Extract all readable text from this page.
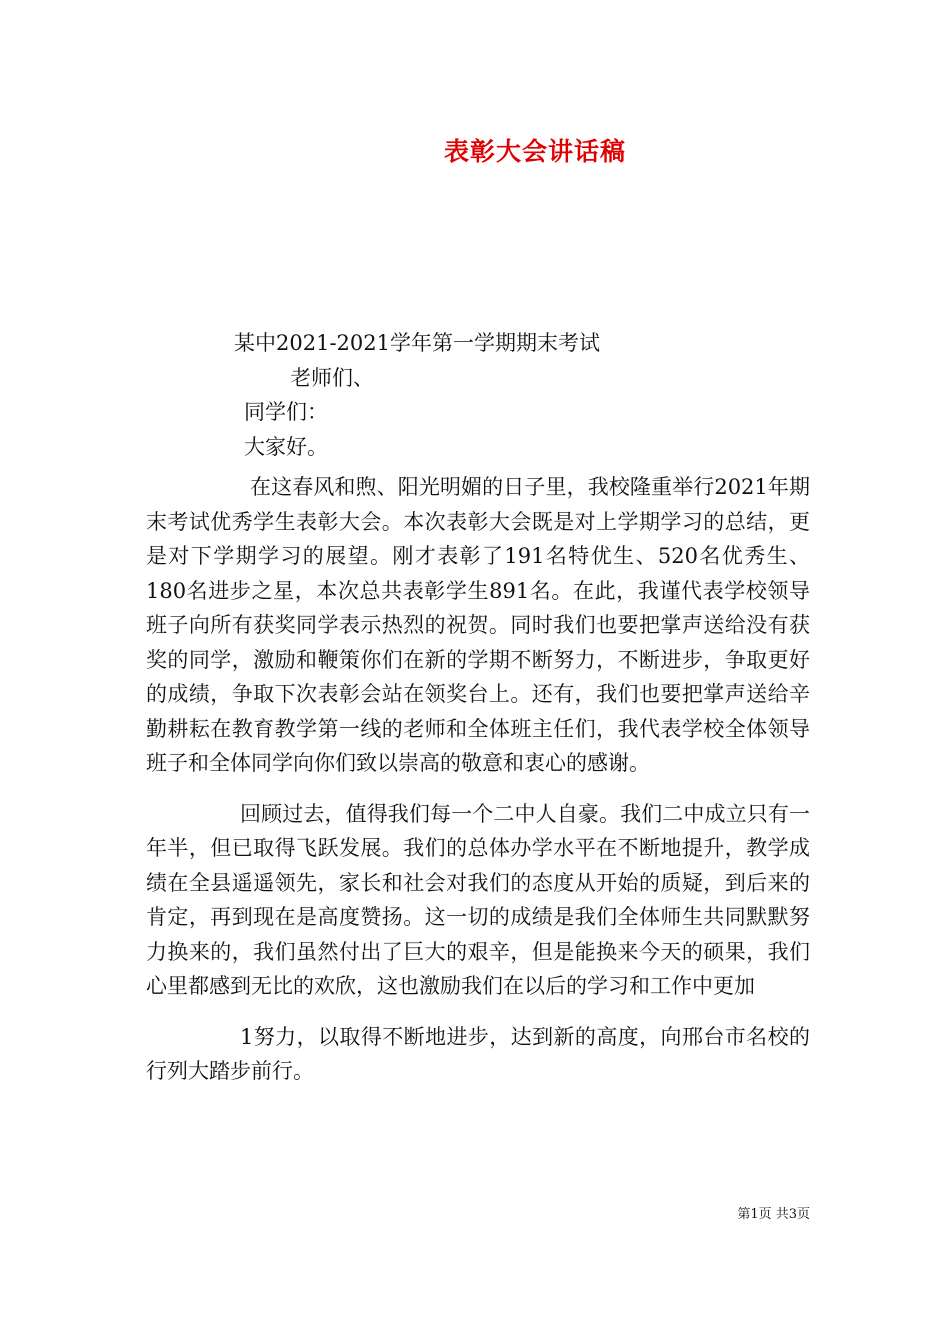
表彰大会讲话稿
某中2021-2021学年第一学期期末考试
老师们、
同学们：
大家好。

在这春风和煦、阳光明媚的日子里，我校隆重举行2021年期末考试优秀学生表彰大会。本次表彰大会既是对上学期学习的总结，更是对下学期学习的展望。刚才表彰了191名特优生、520名优秀生、180名进步之星，本次总共表彰学生891名。在此，我谨代表学校领导班子向所有获奖同学表示热烈的祝贺。同时我们也要把掌声送给没有获奖的同学，激励和鞭策你们在新的学期不断努力，不断进步，争取更好的成绩，争取下次表彰会站在领奖台上。还有，我们也要把掌声送给辛勤耕耘在教育教学第一线的老师和全体班主任们，我代表学校全体领导班子和全体同学向你们致以崇高的敬意和衷心的感谢。

回顾过去，值得我们每一个二中人自豪。我们二中成立只有一年半，但已取得飞跃发展。我们的总体办学水平在不断地提升，教学成绩在全县遥遥领先，家长和社会对我们的态度从开始的质疑，到后来的肯定，再到现在是高度赞扬。这一切的成绩是我们全体师生共同默默努力换来的，我们虽然付出了巨大的艰辛，但是能换来今天的硕果，我们心里都感到无比的欢欣，这也激励我们在以后的学习和工作中更加

1努力，以取得不断地进步，达到新的高度，向邢台市名校的行列大踏步前行。

第1页 共3页
